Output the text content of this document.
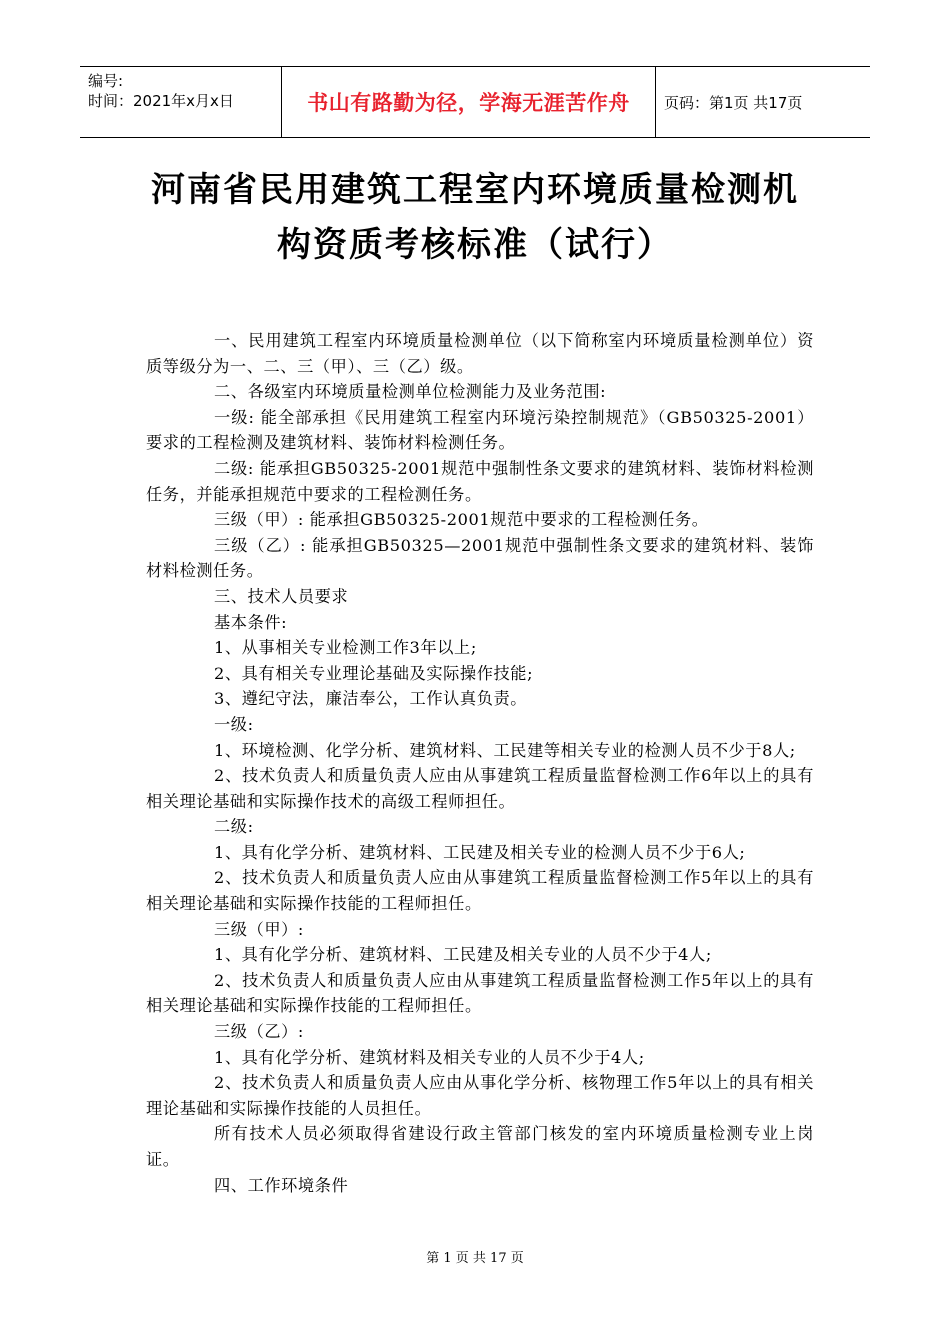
编号:
时间：2021年x月x日	书山有路勤为径，学海无涯苦作舟	页码：第1页 共17页
河南省民用建筑工程室内环境质量检测机
构资质考核标准（试行）

一、民用建筑工程室内环境质量检测单位（以下简称室内环境质量检测单位）资质等级分为一、二、三（甲）、三（乙）级。

二、各级室内环境质量检测单位检测能力及业务范围:

一级: 能全部承担《民用建筑工程室内环境污染控制规范》（GB50325-2001）要求的工程检测及建筑材料、装饰材料检测任务。

二级: 能承担GB50325-2001规范中强制性条文要求的建筑材料、装饰材料检测任务，并能承担规范中要求的工程检测任务。

三级（甲）: 能承担GB50325-2001规范中要求的工程检测任务。

三级（乙）: 能承担GB50325—2001规范中强制性条文要求的建筑材料、装饰材料检测任务。

三、技术人员要求

基本条件:

1、从事相关专业检测工作3年以上;

2、具有相关专业理论基础及实际操作技能;

3、遵纪守法，廉洁奉公，工作认真负责。

一级:

1、环境检测、化学分析、建筑材料、工民建等相关专业的检测人员不少于8人;

2、技术负责人和质量负责人应由从事建筑工程质量监督检测工作6年以上的具有相关理论基础和实际操作技术的高级工程师担任。

二级:

1、具有化学分析、建筑材料、工民建及相关专业的检测人员不少于6人;

2、技术负责人和质量负责人应由从事建筑工程质量监督检测工作5年以上的具有相关理论基础和实际操作技能的工程师担任。

三级（甲）:

1、具有化学分析、建筑材料、工民建及相关专业的人员不少于4人;

2、技术负责人和质量负责人应由从事建筑工程质量监督检测工作5年以上的具有相关理论基础和实际操作技能的工程师担任。

三级（乙）:

1、具有化学分析、建筑材料及相关专业的人员不少于4人;

2、技术负责人和质量负责人应由从事化学分析、核物理工作5年以上的具有相关理论基础和实际操作技能的人员担任。

所有技术人员必须取得省建设行政主管部门核发的室内环境质量检测专业上岗证。

四、工作环境条件

第 1 页 共 17 页
